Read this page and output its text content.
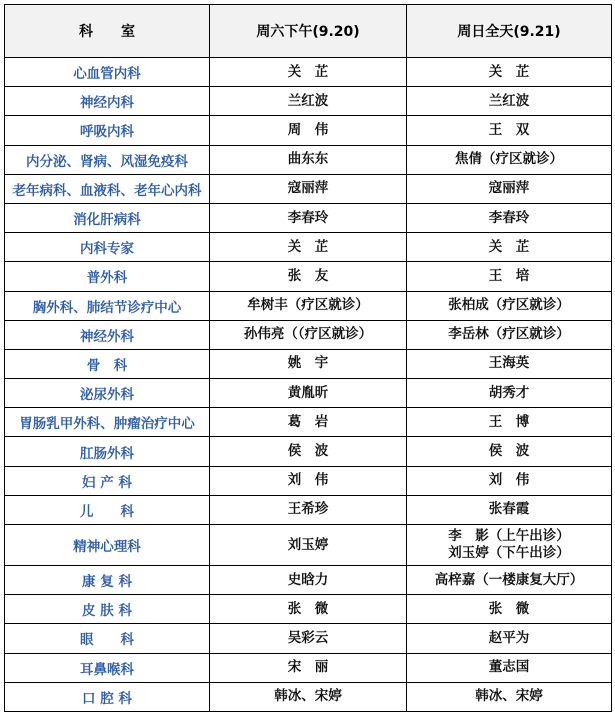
科　　室	周六下午(9.20)	周日全天(9.21)
心血管内科	关　芷	关　芷

神经内科	兰红波	兰红波

呼吸内科	周　伟	王　双

内分泌、肾病、风湿免疫科	曲东东	焦倩（疗区就诊）

老年病科、血液科、老年心内科	寇丽萍	寇丽萍

消化肝病科	李春玲	李春玲

内科专家	关　芷	关　芷

普外科	张　友	王　培

胸外科、肺结节诊疗中心	牟树丰（疗区就诊）	张柏成（疗区就诊）

神经外科	孙伟亮（（疗区就诊）	李岳林（疗区就诊）

骨　科	姚　宇	王海英

泌尿外科	黄胤昕	胡秀才

胃肠乳甲外科、肿瘤治疗中心	葛　岩	王　博

肛肠外科	侯　波	侯　波

妇 产 科	刘　伟	刘　伟

儿　　科	王希珍	张春霞

精神心理科	刘玉婷	李　影（上午出诊）
刘玉婷（下午出诊）

康 复 科	史晗力	高梓嘉（一楼康复大厅）

皮 肤 科	张　微	张　微

眼　　科	吴彩云	赵平为

耳鼻喉科	宋　丽	董志国

口 腔 科	韩冰、宋婷	韩冰、宋婷
